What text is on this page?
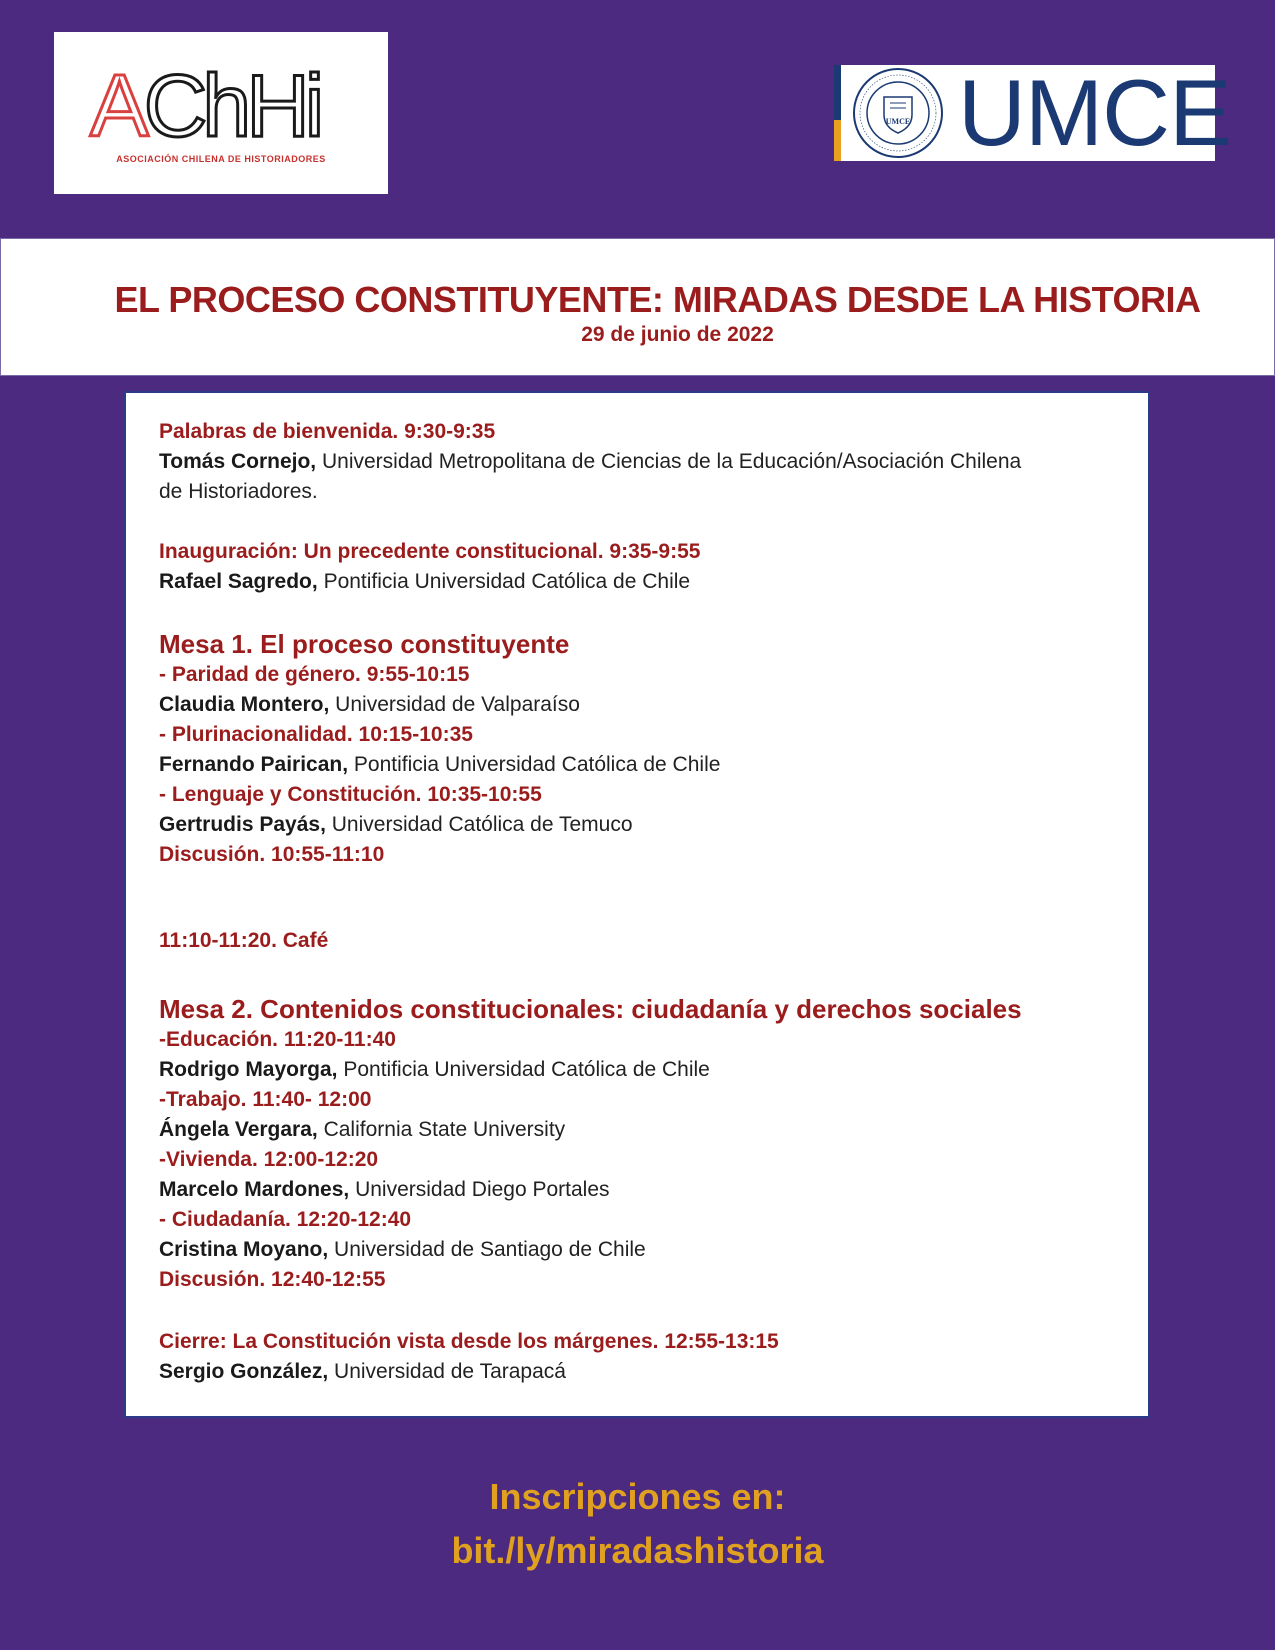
AChHi
ASOCIACIÓN CHILENA DE HISTORIADORES
UMCE UMCE
EL PROCESO CONSTITUYENTE: MIRADAS DESDE LA HISTORIA
29 de junio de 2022
Palabras de bienvenida. 9:30-9:35
Tomás Cornejo, Universidad Metropolitana de Ciencias de la Educación/Asociación Chilena
de Historiadores.
Inauguración: Un precedente constitucional. 9:35-9:55
Rafael Sagredo, Pontificia Universidad Católica de Chile
Mesa 1. El proceso constituyente
- Paridad de género. 9:55-10:15
Claudia Montero, Universidad de Valparaíso
- Plurinacionalidad. 10:15-10:35
Fernando Pairican, Pontificia Universidad Católica de Chile
- Lenguaje y Constitución. 10:35-10:55
Gertrudis Payás, Universidad Católica de Temuco
Discusión. 10:55-11:10
11:10-11:20. Café
Mesa 2. Contenidos constitucionales: ciudadanía y derechos sociales
-Educación. 11:20-11:40
Rodrigo Mayorga, Pontificia Universidad Católica de Chile
-Trabajo. 11:40- 12:00
Ángela Vergara, California State University
-Vivienda. 12:00-12:20
Marcelo Mardones, Universidad Diego Portales
- Ciudadanía. 12:20-12:40
Cristina Moyano, Universidad de Santiago de Chile
Discusión. 12:40-12:55
Cierre: La Constitución vista desde los márgenes. 12:55-13:15
Sergio González, Universidad de Tarapacá
Inscripciones en:
bit./ly/miradashistoria
